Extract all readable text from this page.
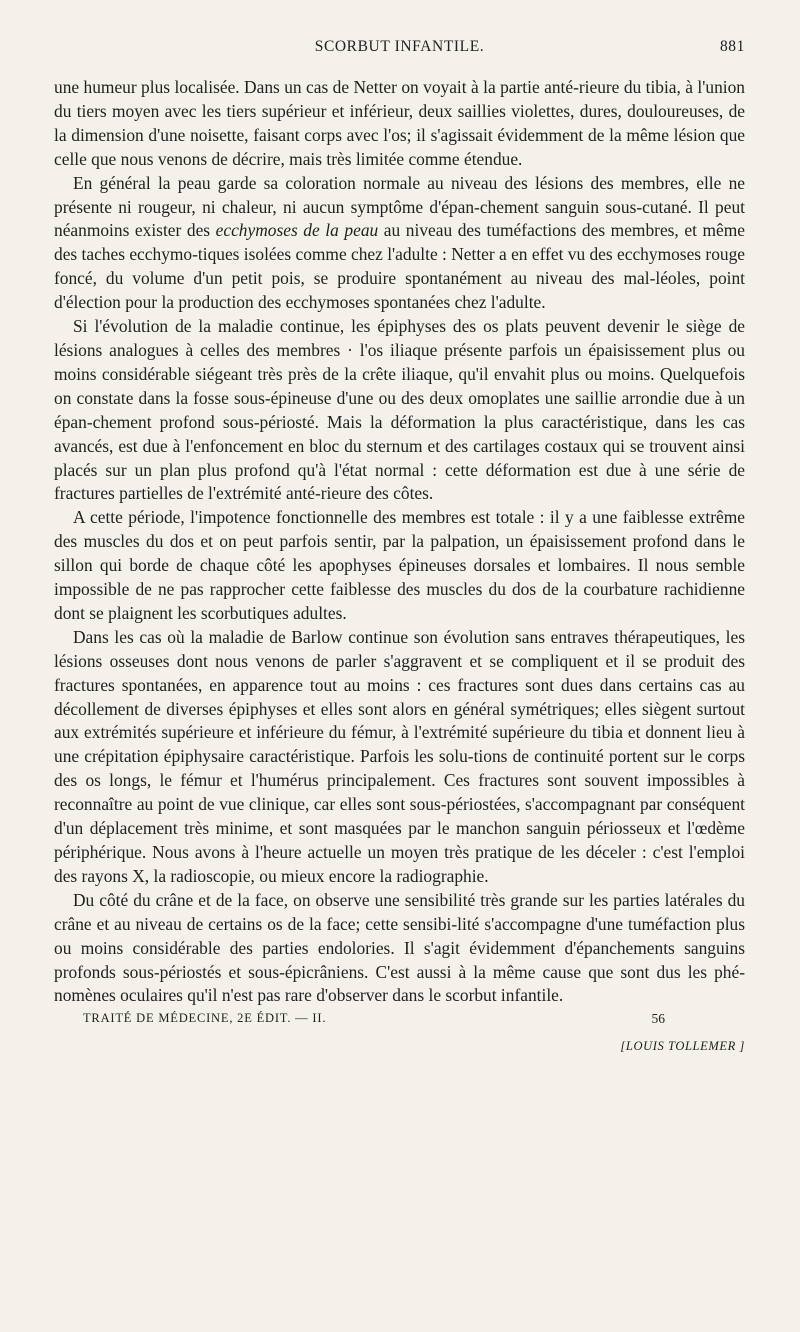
SCORBUT INFANTILE.	881

une humeur plus localisée. Dans un cas de Netter on voyait à la partie anté-rieure du tibia, à l'union du tiers moyen avec les tiers supérieur et inférieur, deux saillies violettes, dures, douloureuses, de la dimension d'une noisette, faisant corps avec l'os; il s'agissait évidemment de la même lésion que celle que nous venons de décrire, mais très limitée comme étendue.

En général la peau garde sa coloration normale au niveau des lésions des membres, elle ne présente ni rougeur, ni chaleur, ni aucun symptôme d'épan-chement sanguin sous-cutané. Il peut néanmoins exister des ecchymoses de la peau au niveau des tuméfactions des membres, et même des taches ecchymo-tiques isolées comme chez l'adulte : Netter a en effet vu des ecchymoses rouge foncé, du volume d'un petit pois, se produire spontanément au niveau des mal-léoles, point d'élection pour la production des ecchymoses spontanées chez l'adulte.

Si l'évolution de la maladie continue, les épiphyses des os plats peuvent devenir le siège de lésions analogues à celles des membres · l'os iliaque présente parfois un épaisissement plus ou moins considérable siégeant très près de la crête iliaque, qu'il envahit plus ou moins. Quelquefois on constate dans la fosse sous-épineuse d'une ou des deux omoplates une saillie arrondie due à un épan-chement profond sous-périosté. Mais la déformation la plus caractéristique, dans les cas avancés, est due à l'enfoncement en bloc du sternum et des cartilages costaux qui se trouvent ainsi placés sur un plan plus profond qu'à l'état normal : cette déformation est due à une série de fractures partielles de l'extrémité anté-rieure des côtes.

A cette période, l'impotence fonctionnelle des membres est totale : il y a une faiblesse extrême des muscles du dos et on peut parfois sentir, par la palpation, un épaisissement profond dans le sillon qui borde de chaque côté les apophyses épineuses dorsales et lombaires. Il nous semble impossible de ne pas rapprocher cette faiblesse des muscles du dos de la courbature rachidienne dont se plaignent les scorbutiques adultes.

Dans les cas où la maladie de Barlow continue son évolution sans entraves thérapeutiques, les lésions osseuses dont nous venons de parler s'aggravent et se compliquent et il se produit des fractures spontanées, en apparence tout au moins : ces fractures sont dues dans certains cas au décollement de diverses épiphyses et elles sont alors en général symétriques; elles siègent surtout aux extrémités supérieure et inférieure du fémur, à l'extrémité supérieure du tibia et donnent lieu à une crépitation épiphysaire caractéristique. Parfois les solu-tions de continuité portent sur le corps des os longs, le fémur et l'humérus principalement. Ces fractures sont souvent impossibles à reconnaître au point de vue clinique, car elles sont sous-périostées, s'accompagnant par conséquent d'un déplacement très minime, et sont masquées par le manchon sanguin périosseux et l'œdème périphérique. Nous avons à l'heure actuelle un moyen très pratique de les déceler : c'est l'emploi des rayons X, la radioscopie, ou mieux encore la radiographie.

Du côté du crâne et de la face, on observe une sensibilité très grande sur les parties latérales du crâne et au niveau de certains os de la face; cette sensibi-lité s'accompagne d'une tuméfaction plus ou moins considérable des parties endolories. Il s'agit évidemment d'épanchements sanguins profonds sous-périostés et sous-épicrâniens. C'est aussi à la même cause que sont dus les phé-nomènes oculaires qu'il n'est pas rare d'observer dans le scorbut infantile.

TRAITÉ DE MÉDECINE, 2E ÉDIT. — II.	56
[LOUIS TOLLEMER ]
